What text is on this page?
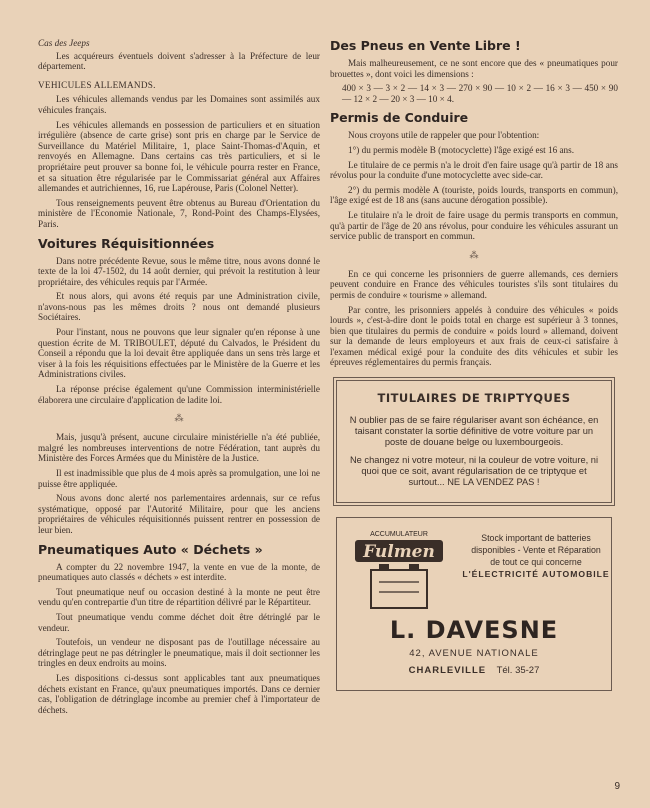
Cas des Jeeps

Les acquéreurs éventuels doivent s'adresser à la Préfecture de leur département.

VEHICULES ALLEMANDS.

Les véhicules allemands vendus par les Domaines sont assimilés aux véhicules français.

Les véhicules allemands en possession de particuliers et en situation irrégulière (absence de carte grise) sont pris en charge par le Service de Surveillance du Matériel Militaire, 1, place Saint-Thomas-d'Aquin, et renvoyés en Allemagne. Dans certains cas très particuliers, et si le propriétaire peut prouver sa bonne foi, le véhicule pourra rester en France, et sa situation être régularisée par le Commissariat général aux Affaires allemandes et autrichiennes, 16, rue Lapérouse, Paris (Colonel Netter).

Tous renseignements peuvent être obtenus au Bureau d'Orientation du ministère de l'Economie Nationale, 7, Rond-Point des Champs-Elysées, Paris.

Voitures Réquisitionnées

Dans notre précédente Revue, sous le même titre, nous avons donné le texte de la loi 47-1502, du 14 août dernier, qui prévoit la restitution à leur propriétaire, des véhicules requis par l'Armée.

Et nous alors, qui avons été requis par une Administration civile, n'avons-nous pas les mêmes droits ? nous ont demandé plusieurs Sociétaires.

Pour l'instant, nous ne pouvons que leur signaler qu'en réponse à une question écrite de M. TRIBOULET, député du Calvados, le Président du Conseil a répondu que la loi devait être appliquée dans un sens très large et viser à la fois les réquisitions effectuées par le Ministère de la Guerre et les Administrations civiles.

La réponse précise également qu'une Commission interministérielle élaborera une circulaire d'application de ladite loi.

⁂

Mais, jusqu'à présent, aucune circulaire ministérielle n'a été publiée, malgré les nombreuses interventions de notre Fédération, tant auprès du Ministère des Forces Armées que du Ministère de la Justice.

Il est inadmissible que plus de 4 mois après sa promulgation, une loi ne puisse être appliquée.

Nous avons donc alerté nos parlementaires ardennais, sur ce refus systématique, opposé par l'Autorité Militaire, pour que les anciens propriétaires de véhicules réquisitionnés puissent rentrer en possession de leur bien.

Pneumatiques Auto « Déchets »

A compter du 22 novembre 1947, la vente en vue de la monte, de pneumatiques auto classés « déchets » est interdite.

Tout pneumatique neuf ou occasion destiné à la monte ne peut être vendu qu'en contrepartie d'un titre de répartition délivré par le Répartiteur.

Tout pneumatique vendu comme déchet doit être détringlé par le vendeur.

Toutefois, un vendeur ne disposant pas de l'outillage nécessaire au détringlage peut ne pas détringler le pneumatique, mais il doit sectionner les tringles en deux endroits au moins.

Les dispositions ci-dessus sont applicables tant aux pneumatiques déchets existant en France, qu'aux pneumatiques importés. Dans ce dernier cas, l'obligation de détringlage incombe au premier chef à l'importateur de déchets.

Des Pneus en Vente Libre !

Mais malheureusement, ce ne sont encore que des « pneumatiques pour brouettes », dont voici les dimensions :

400 × 3 — 3 × 2 — 14 × 3 — 270 × 90 — 10 × 2 — 16 × 3 — 450 × 90 — 12 × 2 — 20 × 3 — 10 × 4.

Permis de Conduire

Nous croyons utile de rappeler que pour l'obtention:

1°) du permis modèle B (motocyclette) l'âge exigé est 16 ans.

Le titulaire de ce permis n'a le droit d'en faire usage qu'à partir de 18 ans révolus pour la conduite d'une motocyclette avec side-car.

2°) du permis modèle A (touriste, poids lourds, transports en commun), l'âge exigé est de 18 ans (sans aucune dérogation possible).

Le titulaire n'a le droit de faire usage du permis transports en commun, qu'à partir de l'âge de 20 ans révolus, pour conduire les véhicules assurant un service public de transport en commun.

⁂

En ce qui concerne les prisonniers de guerre allemands, ces derniers peuvent conduire en France des véhicules touristes s'ils sont titulaires du permis de conduire « tourisme » allemand.

Par contre, les prisonniers appelés à conduire des véhicules « poids lourds », c'est-à-dire dont le poids total en charge est supérieur à 3 tonnes, bien que titulaires du permis de conduire « poids lourd » allemand, doivent sur la demande de leurs employeurs et aux frais de ceux-ci satisfaire à l'examen médical exigé pour la conduite des dits véhicules et subir les épreuves réglementaires du permis français.

TITULAIRES DE TRIPTYQUES

N oublier pas de se faire régulariser avant son échéance, en taisant constater la sortie définitive de votre voiture par un poste de douane belge ou luxembourgeois.

Ne changez ni votre moteur, ni la couleur de votre voiture, ni quoi que ce soit, avant régularisation de ce triptyque et surtout... NE LA VENDEZ PAS !

ACCUMULATEUR
Fulmen
Stock important de batteries
disponibles - Vente et Réparation
de tout ce qui concerne
L'ÉLECTRICITÉ AUTOMOBILE
L. DAVESNE
42, AVENUE NATIONALE
CHARLEVILLE Tél. 35-27
9
